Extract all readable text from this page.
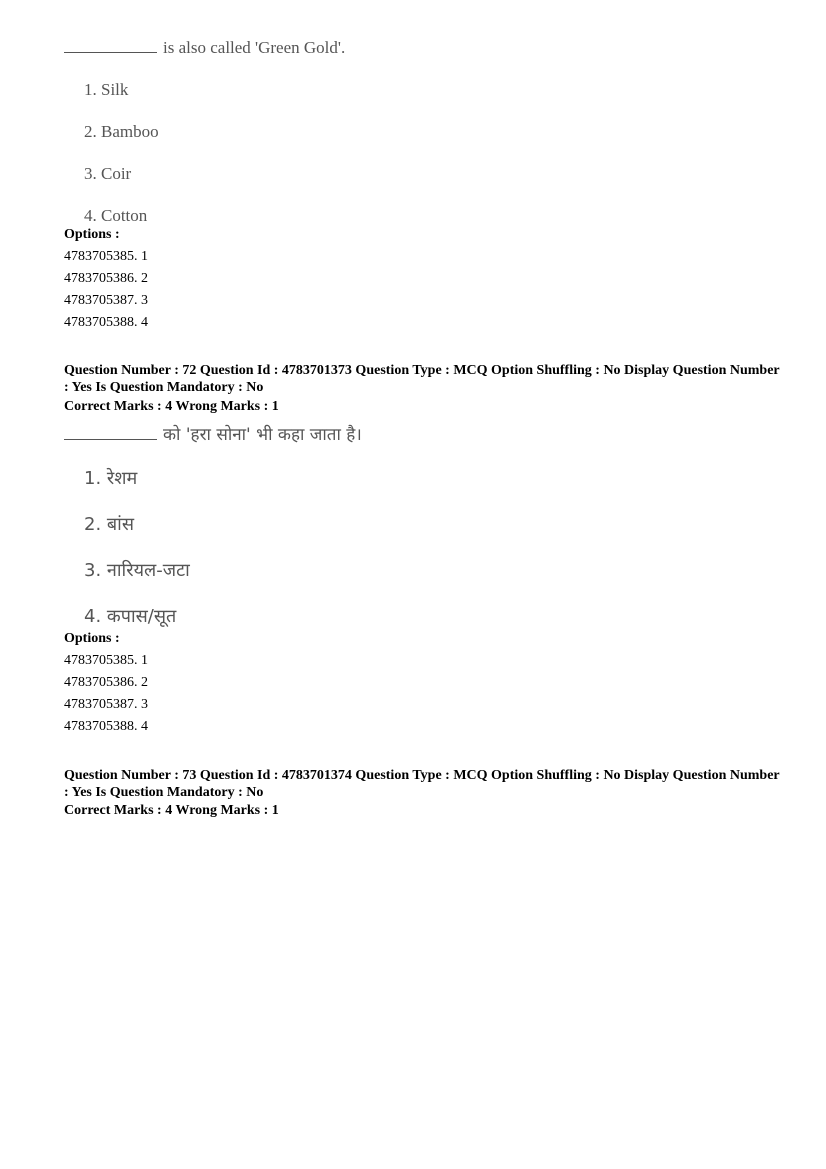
is also called 'Green Gold'.
1. Silk
2. Bamboo
3. Coir
4. Cotton
Options :
4783705385. 1
4783705386. 2
4783705387. 3
4783705388. 4
Question Number : 72 Question Id : 4783701373 Question Type : MCQ Option Shuffling : No Display Question Number : Yes Is Question Mandatory : No
Correct Marks : 4 Wrong Marks : 1
को 'हरा सोना' भी कहा जाता है।
1. रेशम
2. बांस
3. नारियल-जटा
4. कपास/सूत
Options :
4783705385. 1
4783705386. 2
4783705387. 3
4783705388. 4
Question Number : 73 Question Id : 4783701374 Question Type : MCQ Option Shuffling : No Display Question Number : Yes Is Question Mandatory : No
Correct Marks : 4 Wrong Marks : 1
